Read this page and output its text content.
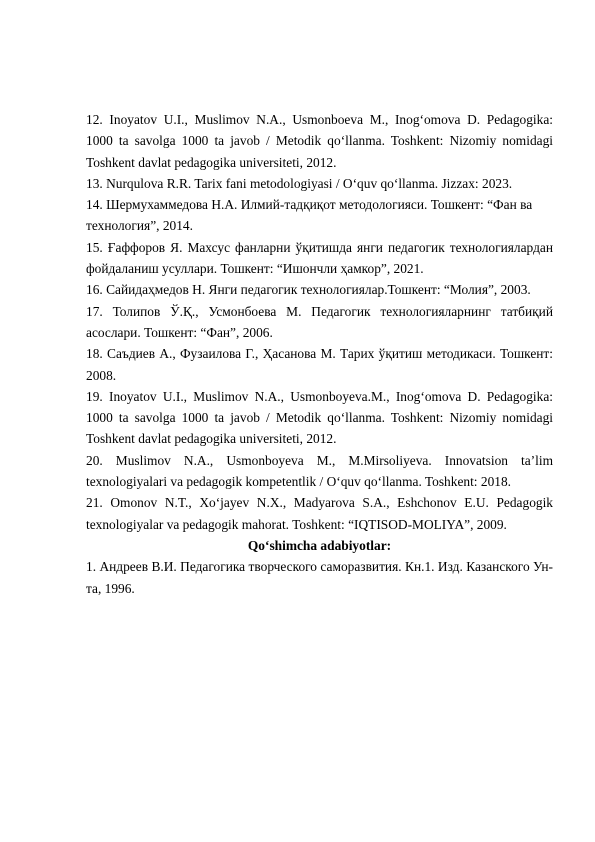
12. Inoyatov U.I., Muslimov N.A., Usmonboeva M., Inogʻomova D. Pedagogika: 1000 ta savolga 1000 ta javob / Metodik qoʻllanma. Toshkent: Nizomiy nomidagi Toshkent davlat pedagogika universiteti, 2012.

13. Nurqulova R.R. Tarix fani metodologiyasi / O‘quv qo‘llanma. Jizzax: 2023.

14. Шермухаммедова Н.А. Илмий-тадқиқот методологияси. Тошкент: “Фан ва технология”, 2014.

15. Ғаффоров Я. Махсус фанларни ўқитишда янги педагогик технологиялардан фойдаланиш усуллари. Тошкент: “Ишончли ҳамкор”, 2021.

16. Сайидаҳмедов Н. Янги педагогик технологиялар.Тошкент: “Молия”, 2003.

17. Толипов Ў.Қ., Усмонбоева М. Педагогик технологияларнинг татбиқий асослари. Тошкент: “Фан”, 2006.

18. Саъдиев А., Фузаилова Г., Ҳасанова М. Тарих ўқитиш методикаси. Тошкент: 2008.

19. Inoyatov U.I., Muslimov N.A., Usmonboyeva.M., Inogʻomova D. Pedagogika: 1000 ta savolga 1000 ta javob / Metodik qoʻllanma. Toshkent: Nizomiy nomidagi Toshkent davlat pedagogika universiteti, 2012.

20. Muslimov N.A., Usmonboyeva M., M.Mirsoliyeva. Innovatsion ta’lim texnologiyalari va pedagogik kompetentlik / O‘quv qo‘llanma. Toshkent: 2018.

21. Omonov N.T., Xoʻjayev N.X., Madyarova S.A., Eshchonov E.U. Pedagogik texnologiyalar va pedagogik mahorat. Toshkent: “IQTISOD-MOLIYA”, 2009.

Qo‘shimcha adabiyotlar:

1. Андреев В.И. Педагогика творческого саморазвития. Кн.1. Изд. Казанского Ун-та, 1996.
